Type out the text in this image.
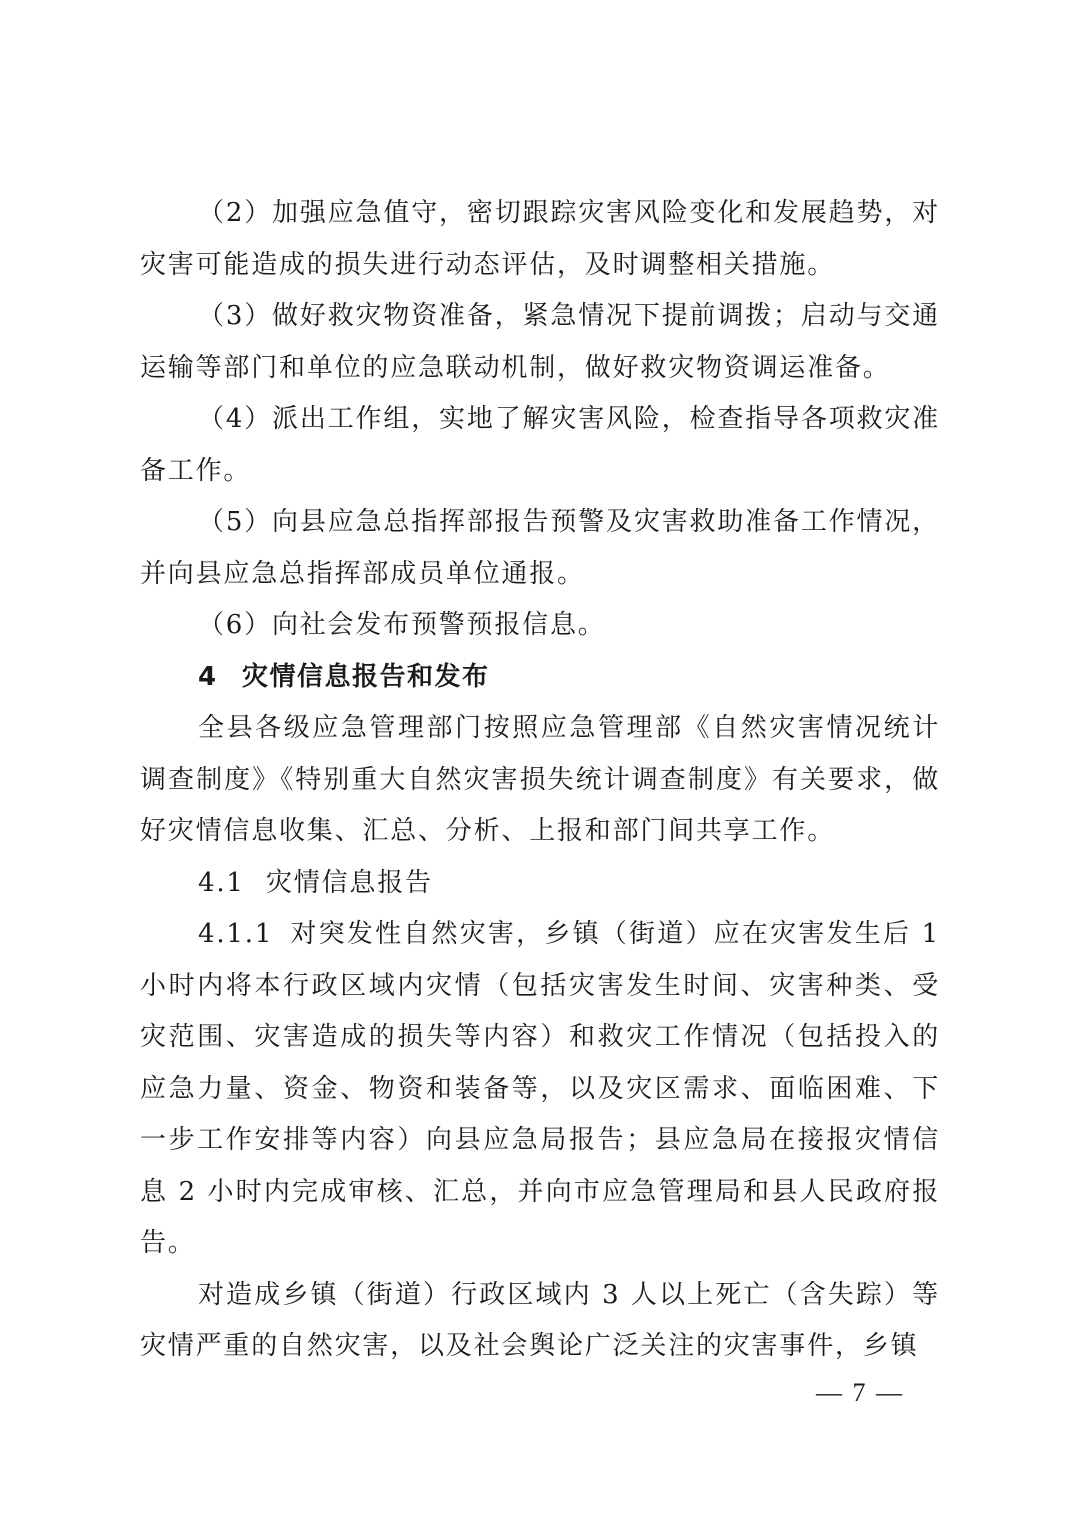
（2）加强应急值守，密切跟踪灾害风险变化和发展趋势，对灾害可能造成的损失进行动态评估，及时调整相关措施。

（3）做好救灾物资准备，紧急情况下提前调拨；启动与交通运输等部门和单位的应急联动机制，做好救灾物资调运准备。

（4）派出工作组，实地了解灾害风险，检查指导各项救灾准备工作。

（5）向县应急总指挥部报告预警及灾害救助准备工作情况，并向县应急总指挥部成员单位通报。

（6）向社会发布预警预报信息。

4 灾情信息报告和发布

全县各级应急管理部门按照应急管理部《自然灾害情况统计调查制度》《特别重大自然灾害损失统计调查制度》有关要求，做好灾情信息收集、汇总、分析、上报和部门间共享工作。

4.1 灾情信息报告

4.1.1 对突发性自然灾害，乡镇（街道）应在灾害发生后 1 小时内将本行政区域内灾情（包括灾害发生时间、灾害种类、受灾范围、灾害造成的损失等内容）和救灾工作情况（包括投入的应急力量、资金、物资和装备等，以及灾区需求、面临困难、下一步工作安排等内容）向县应急局报告；县应急局在接报灾情信息 2 小时内完成审核、汇总，并向市应急管理局和县人民政府报告。

对造成乡镇（街道）行政区域内 3 人以上死亡（含失踪）等灾情严重的自然灾害，以及社会舆论广泛关注的灾害事件，乡镇

— 7 —
